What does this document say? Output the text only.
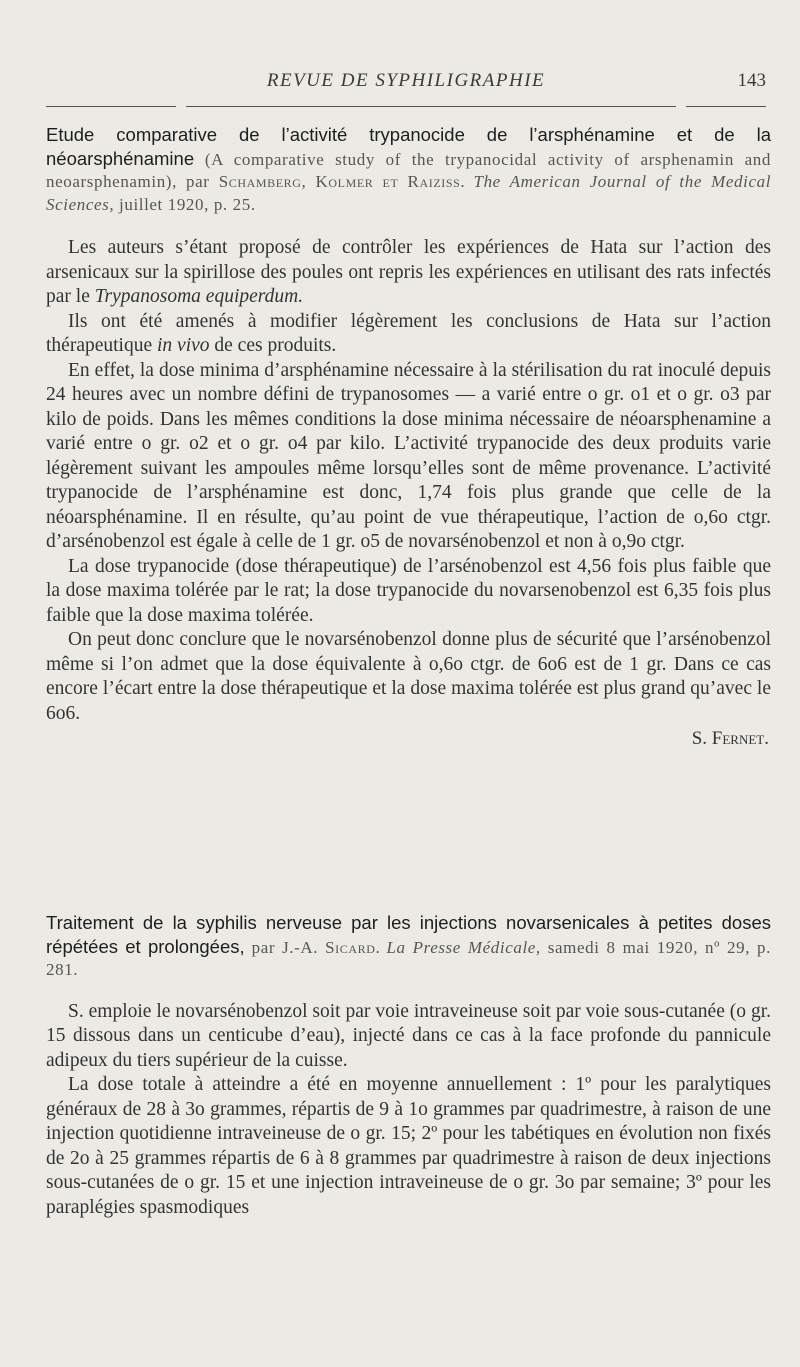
REVUE DE SYPHILIGRAPHIE	143

Etude comparative de l’activité trypanocide de l’arsphénamine et de la néoarsphénamine (A comparative study of the trypanocidal activity of arsphenamin and neoarsphenamin), par Schamberg, Kolmer et Raiziss. The American Journal of the Medical Sciences, juillet 1920, p. 25.

Les auteurs s’étant proposé de contrôler les expériences de Hata sur l’action des arsenicaux sur la spirillose des poules ont repris les expériences en utilisant des rats infectés par le Trypanosoma equiperdum.

Ils ont été amenés à modifier légèrement les conclusions de Hata sur l’action thérapeutique in vivo de ces produits.

En effet, la dose minima d’arsphénamine nécessaire à la stérilisation du rat inoculé depuis 24 heures avec un nombre défini de trypanosomes — a varié entre o gr. o1 et o gr. o3 par kilo de poids. Dans les mêmes conditions la dose minima nécessaire de néoarsphenamine a varié entre o gr. o2 et o gr. o4 par kilo. L’activité trypanocide des deux produits varie légèrement suivant les ampoules même lorsqu’elles sont de même provenance. L’activité trypanocide de l’arsphénamine est donc, 1,74 fois plus grande que celle de la néoarsphénamine. Il en résulte, qu’au point de vue thérapeutique, l’action de o,6o ctgr. d’arsénobenzol est égale à celle de 1 gr. o5 de novarsénobenzol et non à o,9o ctgr.

La dose trypanocide (dose thérapeutique) de l’arsénobenzol est 4,56 fois plus faible que la dose maxima tolérée par le rat; la dose trypanocide du novarsenobenzol est 6,35 fois plus faible que la dose maxima tolérée.

On peut donc conclure que le novarsénobenzol donne plus de sécurité que l’arsénobenzol même si l’on admet que la dose équivalente à o,6o ctgr. de 6o6 est de 1 gr. Dans ce cas encore l’écart entre la dose thérapeutique et la dose maxima tolérée est plus grand qu’avec le 6o6.

S. Fernet.

Traitement de la syphilis nerveuse par les injections novarsenicales à petites doses répétées et prolongées, par J.-A. Sicard. La Presse Médicale, samedi 8 mai 1920, nº 29, p. 281.

S. emploie le novarsénobenzol soit par voie intraveineuse soit par voie sous-cutanée (o gr. 15 dissous dans un centicube d’eau), injecté dans ce cas à la face profonde du pannicule adipeux du tiers supérieur de la cuisse.

La dose totale à atteindre a été en moyenne annuellement : 1º pour les paralytiques généraux de 28 à 3o grammes, répartis de 9 à 1o grammes par quadrimestre, à raison de une injection quotidienne intraveineuse de o gr. 15; 2º pour les tabétiques en évolution non fixés de 2o à 25 grammes répartis de 6 à 8 grammes par quadrimestre à raison de deux injections sous-cutanées de o gr. 15 et une injection intraveineuse de o gr. 3o par semaine; 3º pour les paraplégies spasmodiques
